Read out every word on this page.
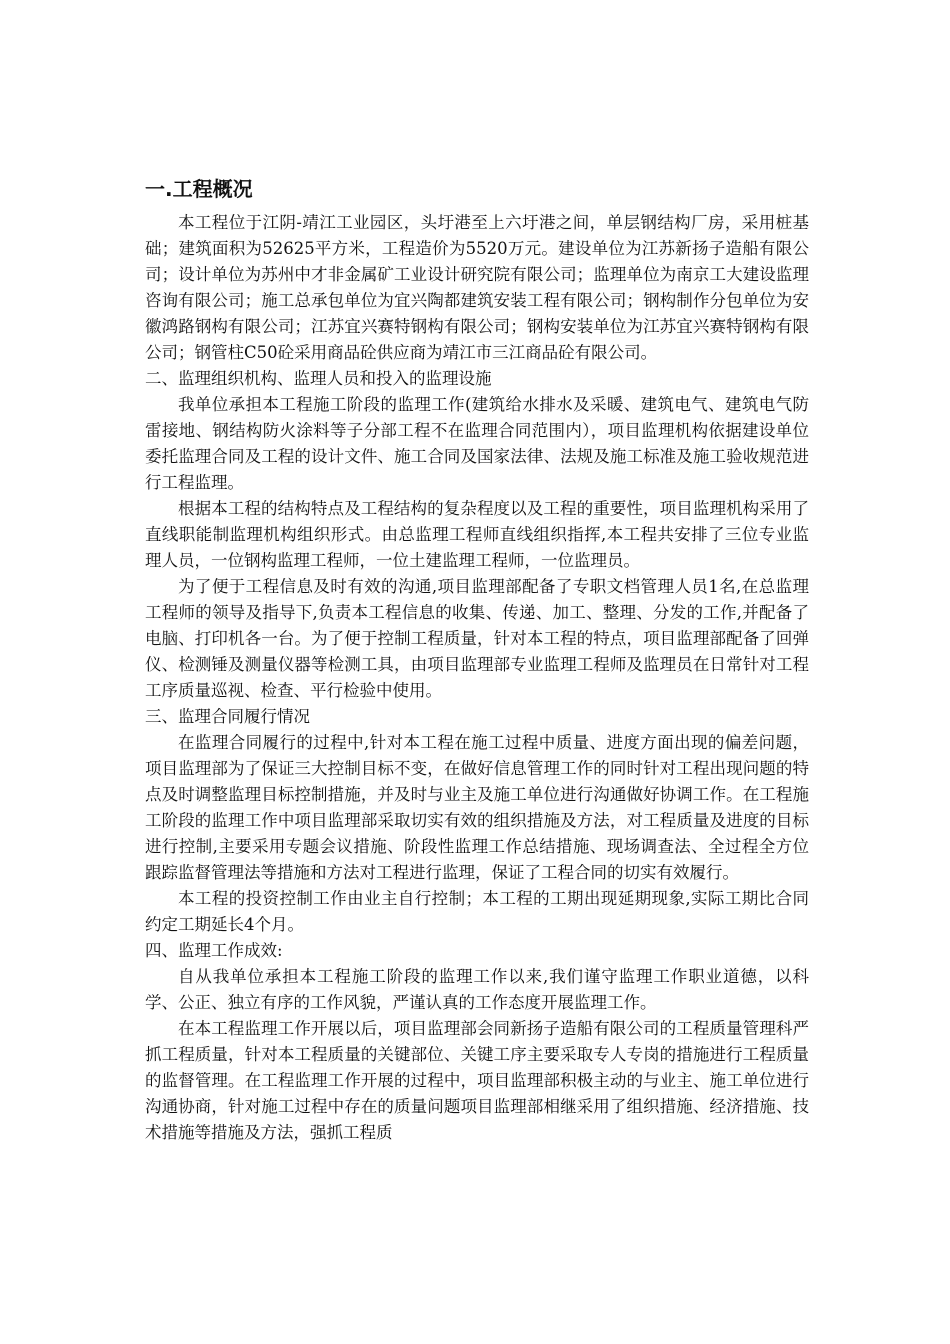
一.工程概况

本工程位于江阴-靖江工业园区，头圩港至上六圩港之间，单层钢结构厂房，采用桩基础；建筑面积为52625平方米，工程造价为5520万元。建设单位为江苏新扬子造船有限公司；设计单位为苏州中才非金属矿工业设计研究院有限公司；监理单位为南京工大建设监理咨询有限公司；施工总承包单位为宜兴陶都建筑安装工程有限公司；钢构制作分包单位为安徽鸿路钢构有限公司；江苏宜兴赛特钢构有限公司；钢构安装单位为江苏宜兴赛特钢构有限公司；钢管柱C50砼采用商品砼供应商为靖江市三江商品砼有限公司。

二、监理组织机构、监理人员和投入的监理设施

我单位承担本工程施工阶段的监理工作(建筑给水排水及采暖、建筑电气、建筑电气防雷接地、钢结构防火涂料等子分部工程不在监理合同范围内），项目监理机构依据建设单位委托监理合同及工程的设计文件、施工合同及国家法律、法规及施工标准及施工验收规范进行工程监理。

根据本工程的结构特点及工程结构的复杂程度以及工程的重要性，项目监理机构采用了直线职能制监理机构组织形式。由总监理工程师直线组织指挥,本工程共安排了三位专业监理人员，一位钢构监理工程师，一位土建监理工程师，一位监理员。

为了便于工程信息及时有效的沟通,项目监理部配备了专职文档管理人员1名,在总监理工程师的领导及指导下,负责本工程信息的收集、传递、加工、整理、分发的工作,并配备了电脑、打印机各一台。为了便于控制工程质量，针对本工程的特点，项目监理部配备了回弹仪、检测锤及测量仪器等检测工具，由项目监理部专业监理工程师及监理员在日常针对工程工序质量巡视、检查、平行检验中使用。

三、监理合同履行情况

在监理合同履行的过程中,针对本工程在施工过程中质量、进度方面出现的偏差问题，项目监理部为了保证三大控制目标不变，在做好信息管理工作的同时针对工程出现问题的特点及时调整监理目标控制措施，并及时与业主及施工单位进行沟通做好协调工作。在工程施工阶段的监理工作中项目监理部采取切实有效的组织措施及方法，对工程质量及进度的目标进行控制,主要采用专题会议措施、阶段性监理工作总结措施、现场调查法、全过程全方位跟踪监督管理法等措施和方法对工程进行监理，保证了工程合同的切实有效履行。

本工程的投资控制工作由业主自行控制；本工程的工期出现延期现象,实际工期比合同约定工期延长4个月。

四、监理工作成效:

自从我单位承担本工程施工阶段的监理工作以来,我们谨守监理工作职业道德，以科学、公正、独立有序的工作风貌，严谨认真的工作态度开展监理工作。

在本工程监理工作开展以后，项目监理部会同新扬子造船有限公司的工程质量管理科严抓工程质量，针对本工程质量的关键部位、关键工序主要采取专人专岗的措施进行工程质量的监督管理。在工程监理工作开展的过程中，项目监理部积极主动的与业主、施工单位进行沟通协商，针对施工过程中存在的质量问题项目监理部相继采用了组织措施、经济措施、技术措施等措施及方法，强抓工程质
